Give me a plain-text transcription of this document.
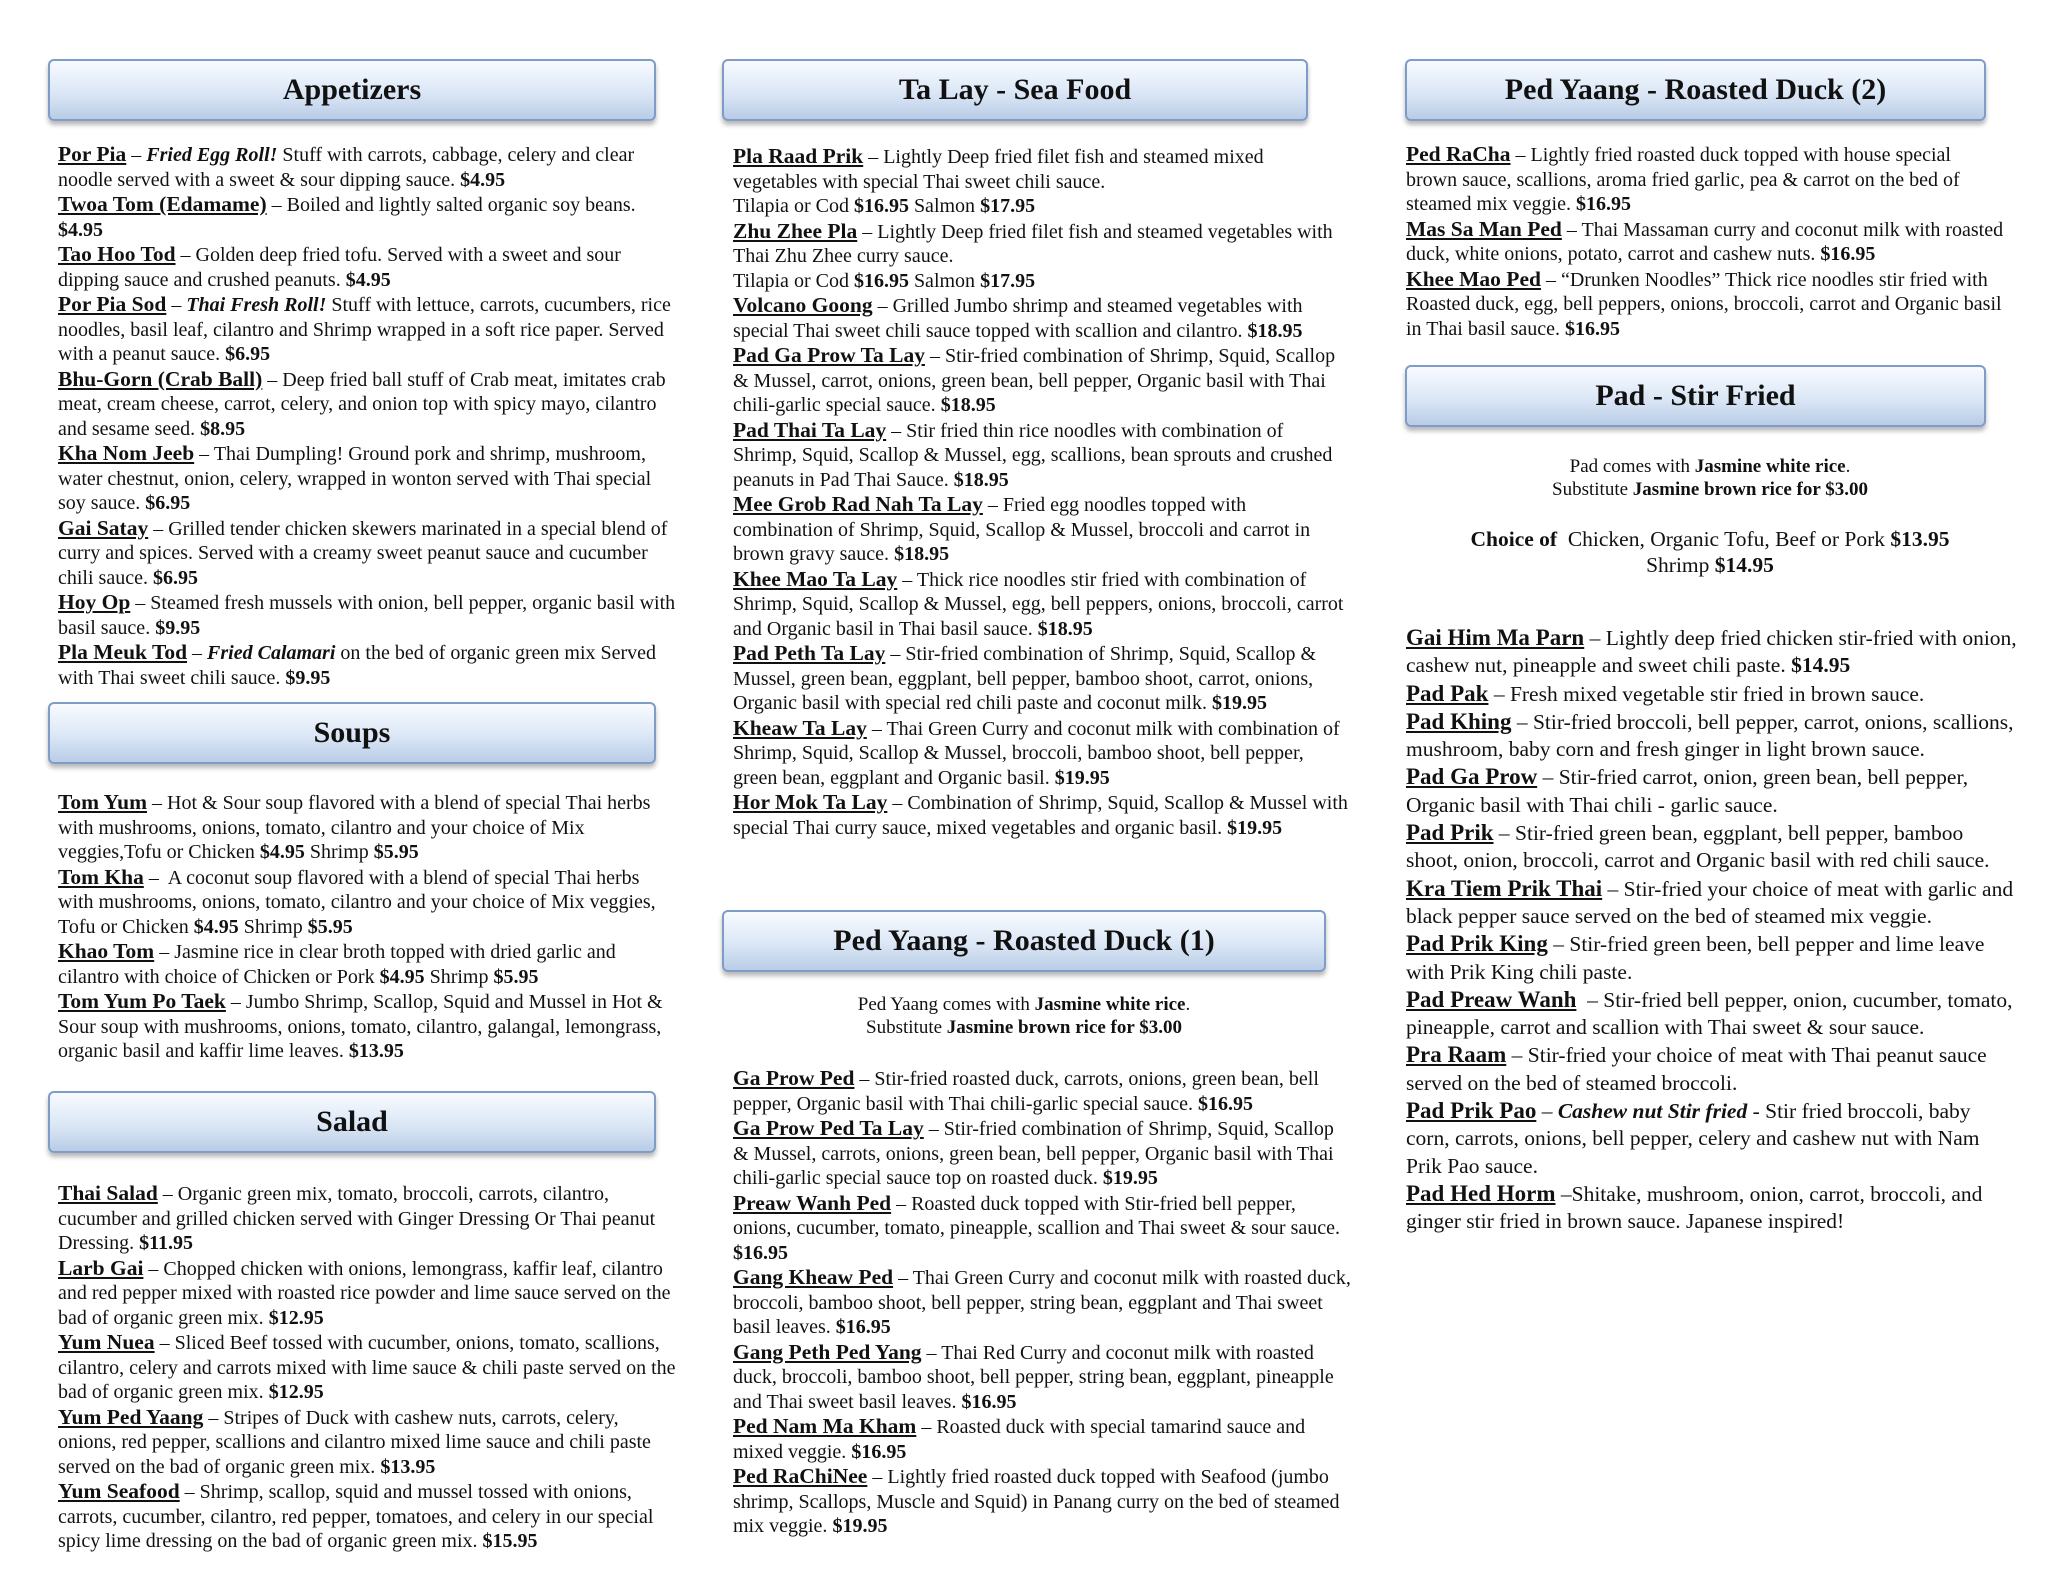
Appetizers
Por Pia – Fried Egg Roll! Stuff with carrots, cabbage, celery and clear noodle served with a sweet & sour dipping sauce. $4.95
Twoa Tom (Edamame) – Boiled and lightly salted organic soy beans. $4.95
Tao Hoo Tod – Golden deep fried tofu. Served with a sweet and sour dipping sauce and crushed peanuts. $4.95
Por Pia Sod – Thai Fresh Roll! Stuff with lettuce, carrots, cucumbers, rice noodles, basil leaf, cilantro and Shrimp wrapped in a soft rice paper. Served with a peanut sauce. $6.95
Bhu-Gorn (Crab Ball) – Deep fried ball stuff of Crab meat, imitates crab meat, cream cheese, carrot, celery, and onion top with spicy mayo, cilantro and sesame seed. $8.95
Kha Nom Jeeb – Thai Dumpling! Ground pork and shrimp, mushroom, water chestnut, onion, celery, wrapped in wonton served with Thai special soy sauce. $6.95
Gai Satay – Grilled tender chicken skewers marinated in a special blend of curry and spices. Served with a creamy sweet peanut sauce and cucumber chili sauce. $6.95
Hoy Op – Steamed fresh mussels with onion, bell pepper, organic basil with basil sauce. $9.95
Pla Meuk Tod – Fried Calamari on the bed of organic green mix Served with Thai sweet chili sauce. $9.95
Soups
Tom Yum – Hot & Sour soup flavored with a blend of special Thai herbs with mushrooms, onions, tomato, cilantro and your choice of Mix veggies,Tofu or Chicken $4.95 Shrimp $5.95
Tom Kha –  A coconut soup flavored with a blend of special Thai herbs with mushrooms, onions, tomato, cilantro and your choice of Mix veggies, Tofu or Chicken $4.95 Shrimp $5.95
Khao Tom – Jasmine rice in clear broth topped with dried garlic and cilantro with choice of Chicken or Pork $4.95 Shrimp $5.95
Tom Yum Po Taek – Jumbo Shrimp, Scallop, Squid and Mussel in Hot & Sour soup with mushrooms, onions, tomato, cilantro, galangal, lemongrass, organic basil and kaffir lime leaves. $13.95
Salad
Thai Salad – Organic green mix, tomato, broccoli, carrots, cilantro, cucumber and grilled chicken served with Ginger Dressing Or Thai peanut Dressing. $11.95
Larb Gai – Chopped chicken with onions, lemongrass, kaffir leaf, cilantro and red pepper mixed with roasted rice powder and lime sauce served on the bad of organic green mix. $12.95
Yum Nuea – Sliced Beef tossed with cucumber, onions, tomato, scallions, cilantro, celery and carrots mixed with lime sauce & chili paste served on the bad of organic green mix. $12.95
Yum Ped Yaang – Stripes of Duck with cashew nuts, carrots, celery, onions, red pepper, scallions and cilantro mixed lime sauce and chili paste served on the bad of organic green mix. $13.95
Yum Seafood – Shrimp, scallop, squid and mussel tossed with onions, carrots, cucumber, cilantro, red pepper, tomatoes, and celery in our special spicy lime dressing on the bad of organic green mix. $15.95
Ta Lay - Sea Food
Pla Raad Prik – Lightly Deep fried filet fish and steamed mixed vegetables with special Thai sweet chili sauce.
Tilapia or Cod $16.95 Salmon $17.95
Zhu Zhee Pla – Lightly Deep fried filet fish and steamed vegetables with Thai Zhu Zhee curry sauce.
Tilapia or Cod $16.95 Salmon $17.95
Volcano Goong – Grilled Jumbo shrimp and steamed vegetables with special Thai sweet chili sauce topped with scallion and cilantro. $18.95
Pad Ga Prow Ta Lay – Stir-fried combination of Shrimp, Squid, Scallop & Mussel, carrot, onions, green bean, bell pepper, Organic basil with Thai chili-garlic special sauce. $18.95
Pad Thai Ta Lay – Stir fried thin rice noodles with combination of Shrimp, Squid, Scallop & Mussel, egg, scallions, bean sprouts and crushed peanuts in Pad Thai Sauce. $18.95
Mee Grob Rad Nah Ta Lay – Fried egg noodles topped with combination of Shrimp, Squid, Scallop & Mussel, broccoli and carrot in brown gravy sauce. $18.95
Khee Mao Ta Lay – Thick rice noodles stir fried with combination of Shrimp, Squid, Scallop & Mussel, egg, bell peppers, onions, broccoli, carrot and Organic basil in Thai basil sauce. $18.95
Pad Peth Ta Lay – Stir-fried combination of Shrimp, Squid, Scallop & Mussel, green bean, eggplant, bell pepper, bamboo shoot, carrot, onions, Organic basil with special red chili paste and coconut milk. $19.95
Kheaw Ta Lay – Thai Green Curry and coconut milk with combination of Shrimp, Squid, Scallop & Mussel, broccoli, bamboo shoot, bell pepper, green bean, eggplant and Organic basil. $19.95
Hor Mok Ta Lay – Combination of Shrimp, Squid, Scallop & Mussel with special Thai curry sauce, mixed vegetables and organic basil. $19.95
Ped Yaang - Roasted Duck (1)
Ped Yaang comes with Jasmine white rice.
Substitute Jasmine brown rice for $3.00
Ga Prow Ped – Stir-fried roasted duck, carrots, onions, green bean, bell pepper, Organic basil with Thai chili-garlic special sauce. $16.95
Ga Prow Ped Ta Lay – Stir-fried combination of Shrimp, Squid, Scallop & Mussel, carrots, onions, green bean, bell pepper, Organic basil with Thai chili-garlic special sauce top on roasted duck. $19.95
Preaw Wanh Ped – Roasted duck topped with Stir-fried bell pepper, onions, cucumber, tomato, pineapple, scallion and Thai sweet & sour sauce. $16.95
Gang Kheaw Ped – Thai Green Curry and coconut milk with roasted duck, broccoli, bamboo shoot, bell pepper, string bean, eggplant and Thai sweet basil leaves. $16.95
Gang Peth Ped Yang – Thai Red Curry and coconut milk with roasted duck, broccoli, bamboo shoot, bell pepper, string bean, eggplant, pineapple and Thai sweet basil leaves. $16.95
Ped Nam Ma Kham – Roasted duck with special tamarind sauce and mixed veggie. $16.95
Ped RaChiNee – Lightly fried roasted duck topped with Seafood (jumbo shrimp, Scallops, Muscle and Squid) in Panang curry on the bed of steamed mix veggie. $19.95
Ped Yaang - Roasted Duck (2)
Ped RaCha – Lightly fried roasted duck topped with house special brown sauce, scallions, aroma fried garlic, pea & carrot on the bed of steamed mix veggie. $16.95
Mas Sa Man Ped – Thai Massaman curry and coconut milk with roasted duck, white onions, potato, carrot and cashew nuts. $16.95
Khee Mao Ped – “Drunken Noodles” Thick rice noodles stir fried with Roasted duck, egg, bell peppers, onions, broccoli, carrot and Organic basil in Thai basil sauce. $16.95
Pad - Stir Fried
Pad comes with Jasmine white rice.
Substitute Jasmine brown rice for $3.00
Choice of  Chicken, Organic Tofu, Beef or Pork $13.95
Shrimp $14.95
Gai Him Ma Parn – Lightly deep fried chicken stir-fried with onion, cashew nut, pineapple and sweet chili paste. $14.95
Pad Pak – Fresh mixed vegetable stir fried in brown sauce.
Pad Khing – Stir-fried broccoli, bell pepper, carrot, onions, scallions, mushroom, baby corn and fresh ginger in light brown sauce.
Pad Ga Prow – Stir-fried carrot, onion, green bean, bell pepper, Organic basil with Thai chili - garlic sauce.
Pad Prik – Stir-fried green bean, eggplant, bell pepper, bamboo shoot, onion, broccoli, carrot and Organic basil with red chili sauce.
Kra Tiem Prik Thai – Stir-fried your choice of meat with garlic and black pepper sauce served on the bed of steamed mix veggie.
Pad Prik King – Stir-fried green been, bell pepper and lime leave with Prik King chili paste.
Pad Preaw Wanh  – Stir-fried bell pepper, onion, cucumber, tomato, pineapple, carrot and scallion with Thai sweet & sour sauce.
Pra Raam – Stir-fried your choice of meat with Thai peanut sauce served on the bed of steamed broccoli.
Pad Prik Pao – Cashew nut Stir fried - Stir fried broccoli, baby corn, carrots, onions, bell pepper, celery and cashew nut with Nam Prik Pao sauce.
Pad Hed Horm –Shitake, mushroom, onion, carrot, broccoli, and ginger stir fried in brown sauce. Japanese inspired!
